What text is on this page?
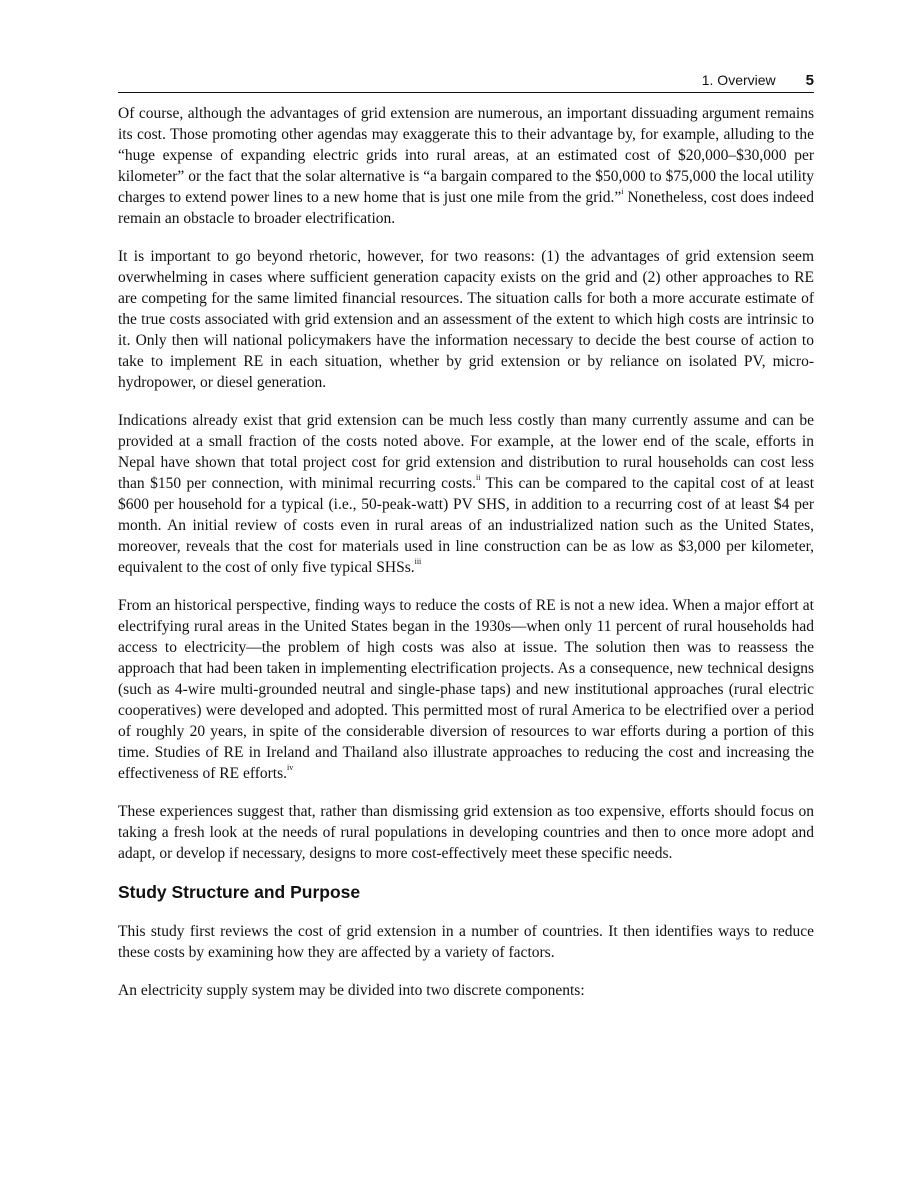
1. Overview 5

Of course, although the advantages of grid extension are numerous, an important dissuading argument remains its cost. Those promoting other agendas may exaggerate this to their advantage by, for example, alluding to the “huge expense of expanding electric grids into rural areas, at an estimated cost of $20,000–$30,000 per kilometer” or the fact that the solar alternative is “a bargain compared to the $50,000 to $75,000 the local utility charges to extend power lines to a new home that is just one mile from the grid.”$^i$ Nonetheless, cost does indeed remain an obstacle to broader electrification.

It is important to go beyond rhetoric, however, for two reasons: (1) the advantages of grid extension seem overwhelming in cases where sufficient generation capacity exists on the grid and (2) other approaches to RE are competing for the same limited financial resources. The situation calls for both a more accurate estimate of the true costs associated with grid extension and an assessment of the extent to which high costs are intrinsic to it. Only then will national policymakers have the information necessary to decide the best course of action to take to implement RE in each situation, whether by grid extension or by reliance on isolated PV, micro-hydropower, or diesel generation.

Indications already exist that grid extension can be much less costly than many currently assume and can be provided at a small fraction of the costs noted above. For example, at the lower end of the scale, efforts in Nepal have shown that total project cost for grid extension and distribution to rural households can cost less than $150 per connection, with minimal recurring costs.$^{ii}$ This can be compared to the capital cost of at least $600 per household for a typical (i.e., 50-peak-watt) PV SHS, in addition to a recurring cost of at least $4 per month. An initial review of costs even in rural areas of an industrialized nation such as the United States, moreover, reveals that the cost for materials used in line construction can be as low as $3,000 per kilometer, equivalent to the cost of only five typical SHSs.$^{iii}$

From an historical perspective, finding ways to reduce the costs of RE is not a new idea. When a major effort at electrifying rural areas in the United States began in the 1930s—when only 11 percent of rural households had access to electricity—the problem of high costs was also at issue. The solution then was to reassess the approach that had been taken in implementing electrification projects. As a consequence, new technical designs (such as 4-wire multi-grounded neutral and single-phase taps) and new institutional approaches (rural electric cooperatives) were developed and adopted. This permitted most of rural America to be electrified over a period of roughly 20 years, in spite of the considerable diversion of resources to war efforts during a portion of this time. Studies of RE in Ireland and Thailand also illustrate approaches to reducing the cost and increasing the effectiveness of RE efforts.$^{iv}$

These experiences suggest that, rather than dismissing grid extension as too expensive, efforts should focus on taking a fresh look at the needs of rural populations in developing countries and then to once more adopt and adapt, or develop if necessary, designs to more cost-effectively meet these specific needs.

Study Structure and Purpose

This study first reviews the cost of grid extension in a number of countries. It then identifies ways to reduce these costs by examining how they are affected by a variety of factors.

An electricity supply system may be divided into two discrete components:
